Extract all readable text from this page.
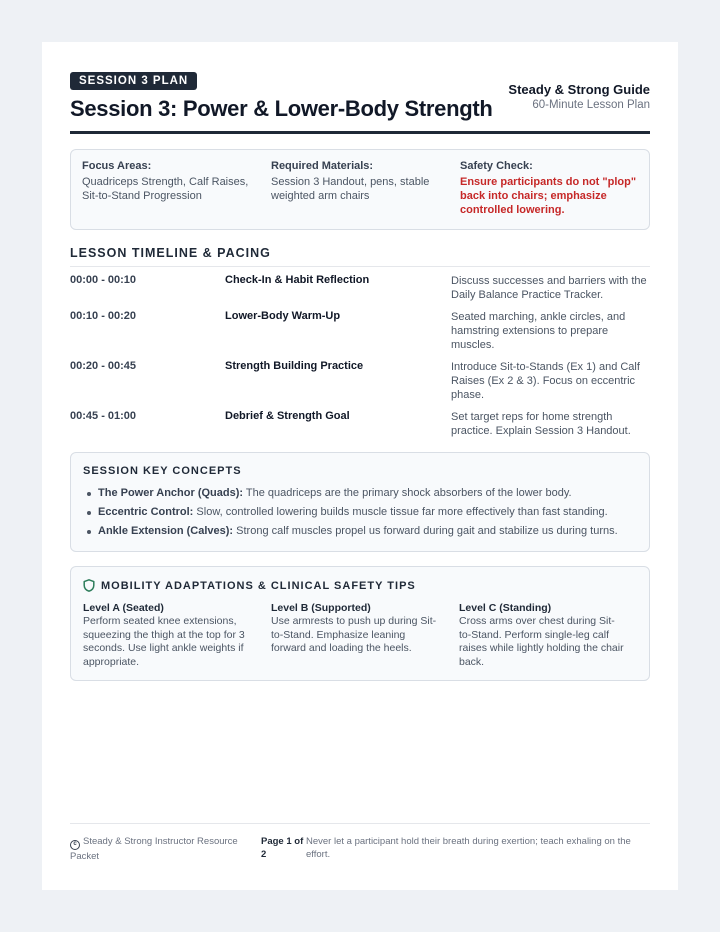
SESSION 3 PLAN
Session 3: Power & Lower-Body Strength
Steady & Strong Guide
60-Minute Lesson Plan
Focus Areas:
Quadriceps Strength, Calf Raises, Sit-to-Stand Progression
Required Materials:
Session 3 Handout, pens, stable weighted arm chairs
Safety Check:
Ensure participants do not "plop" back into chairs; emphasize controlled lowering.
LESSON TIMELINE & PACING
00:00 - 00:10	Check-In & Habit Reflection	Discuss successes and barriers with the Daily Balance Practice Tracker.
00:10 - 00:20	Lower-Body Warm-Up	Seated marching, ankle circles, and hamstring extensions to prepare muscles.
00:20 - 00:45	Strength Building Practice	Introduce Sit-to-Stands (Ex 1) and Calf Raises (Ex 2 & 3). Focus on eccentric phase.
00:45 - 01:00	Debrief & Strength Goal	Set target reps for home strength practice. Explain Session 3 Handout.
SESSION KEY CONCEPTS
The Power Anchor (Quads): The quadriceps are the primary shock absorbers of the lower body.
Eccentric Control: Slow, controlled lowering builds muscle tissue far more effectively than fast standing.
Ankle Extension (Calves): Strong calf muscles propel us forward during gait and stabilize us during turns.
MOBILITY ADAPTATIONS & CLINICAL SAFETY TIPS
Level A (Seated)
Perform seated knee extensions, squeezing the thigh at the top for 3 seconds. Use light ankle weights if appropriate.
Level B (Supported)
Use armrests to push up during Sit-to-Stand. Emphasize leaning forward and loading the heels.
Level C (Standing)
Cross arms over chest during Sit-to-Stand. Perform single-leg calf raises while lightly holding the chair back.
c Steady & Strong Instructor Resource Packet
Page 1 of 2
Never let a participant hold their breath during exertion; teach exhaling on the effort.
